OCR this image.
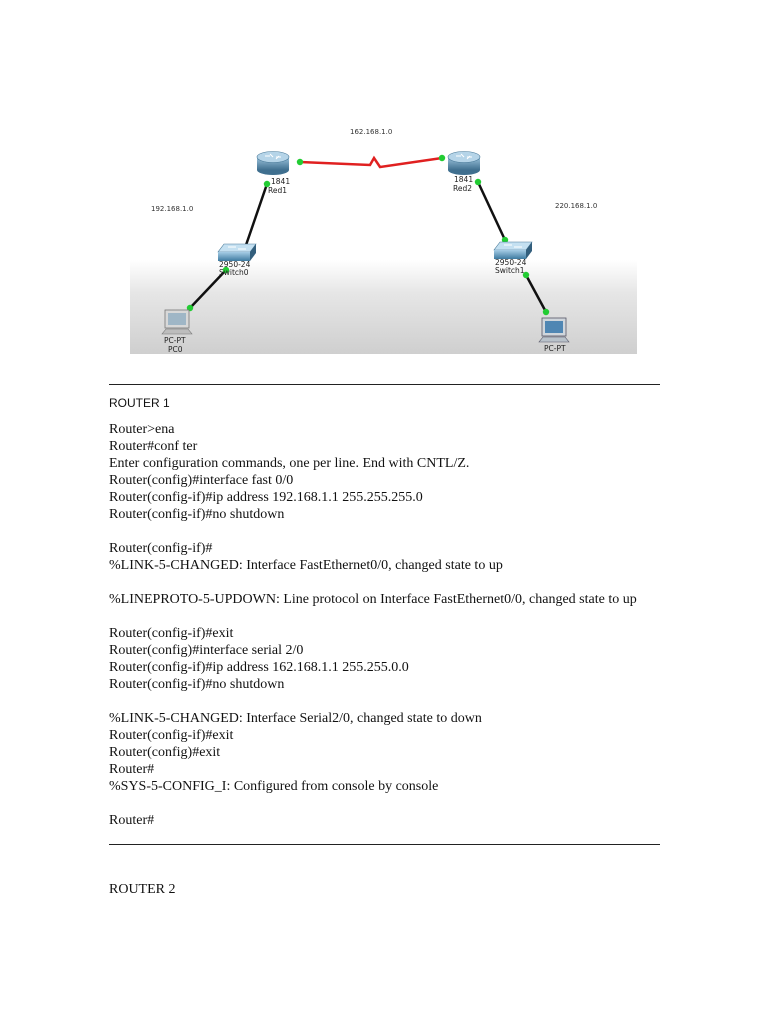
162.168.1.0
192.168.1.0	220.168.1.0
1841
Red1
1841
Red2
2950-24
Switch0
2950-24
Switch1
PC-PT
PC0	PC-PT
ROUTER 1
Router>ena
Router#conf ter
Enter configuration commands, one per line. End with CNTL/Z.
Router(config)#interface fast 0/0
Router(config-if)#ip address 192.168.1.1 255.255.255.0
Router(config-if)#no shutdown
Router(config-if)#
%LINK-5-CHANGED: Interface FastEthernet0/0, changed state to up
%LINEPROTO-5-UPDOWN: Line protocol on Interface FastEthernet0/0, changed state to up
Router(config-if)#exit
Router(config)#interface serial 2/0
Router(config-if)#ip address 162.168.1.1 255.255.0.0
Router(config-if)#no shutdown
%LINK-5-CHANGED: Interface Serial2/0, changed state to down
Router(config-if)#exit
Router(config)#exit
Router#
%SYS-5-CONFIG_I: Configured from console by console
Router#
ROUTER 2
